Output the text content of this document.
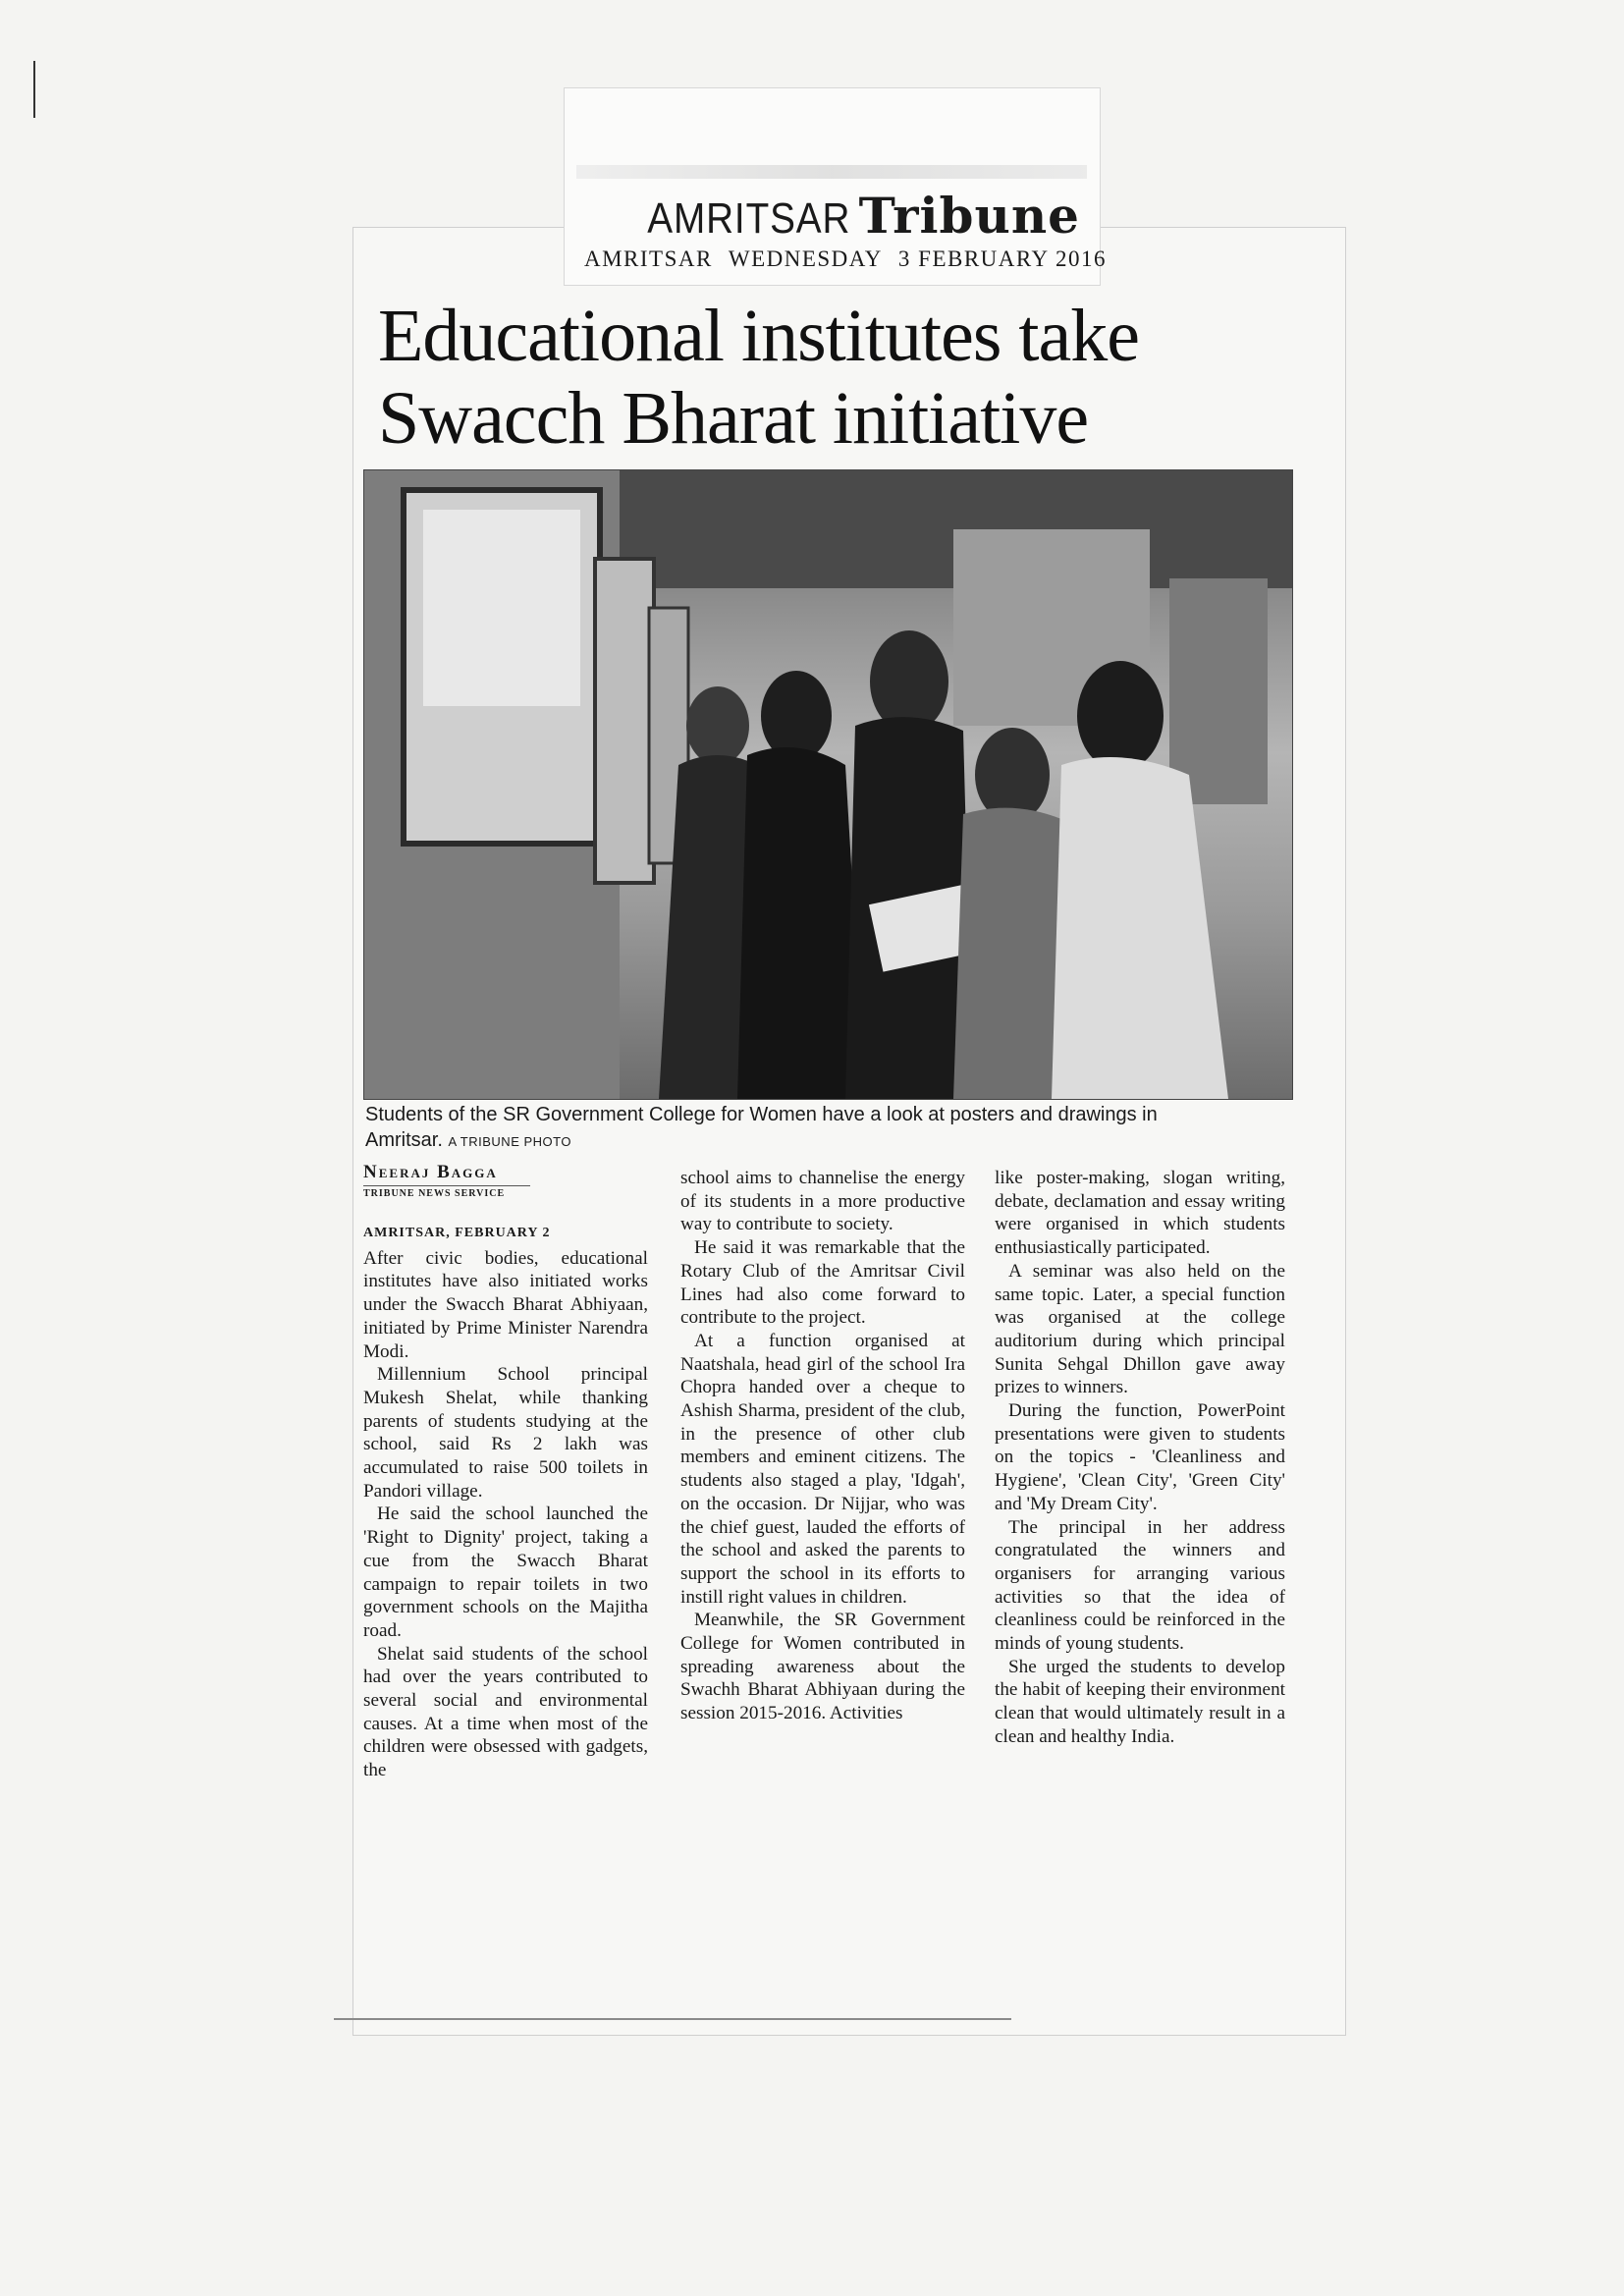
AMRITSAR Tribune
AMRITSAR WEDNESDAY 3 FEBRUARY 2016
Educational institutes take
Swacch Bharat initiative

Students of the SR Government College for Women have a look at posters and drawings in Amritsar. A TRIBUNE PHOTO

Neeraj Bagga
TRIBUNE NEWS SERVICE
AMRITSAR, FEBRUARY 2

After civic bodies, educational institutes have also initiated works under the Swacch Bharat Abhiyaan, initiated by Prime Minister Narendra Modi.

Millennium School principal Mukesh Shelat, while thanking parents of students studying at the school, said Rs 2 lakh was accumulated to raise 500 toilets in Pandori village.

He said the school launched the 'Right to Dignity' project, taking a cue from the Swacch Bharat campaign to repair toilets in two government schools on the Majitha road.

Shelat said students of the school had over the years contributed to several social and environmental causes. At a time when most of the children were obsessed with gadgets, the

school aims to channelise the energy of its students in a more productive way to contribute to society.

He said it was remarkable that the Rotary Club of the Amritsar Civil Lines had also come forward to contribute to the project.

At a function organised at Naatshala, head girl of the school Ira Chopra handed over a cheque to Ashish Sharma, president of the club, in the presence of other club members and eminent citizens. The students also staged a play, 'Idgah', on the occasion. Dr Nijjar, who was the chief guest, lauded the efforts of the school and asked the parents to support the school in its efforts to instill right values in children.

Meanwhile, the SR Government College for Women contributed in spreading awareness about the Swachh Bharat Abhiyaan during the session 2015-2016. Activities

like poster-making, slogan writing, debate, declamation and essay writing were organised in which students enthusiastically participated.

A seminar was also held on the same topic. Later, a special function was organised at the college auditorium during which principal Sunita Sehgal Dhillon gave away prizes to winners.

During the function, PowerPoint presentations were given to students on the topics - 'Cleanliness and Hygiene', 'Clean City', 'Green City' and 'My Dream City'.

The principal in her address congratulated the winners and organisers for arranging various activities so that the idea of cleanliness could be reinforced in the minds of young students.

She urged the students to develop the habit of keeping their environment clean that would ultimately result in a clean and healthy India.
